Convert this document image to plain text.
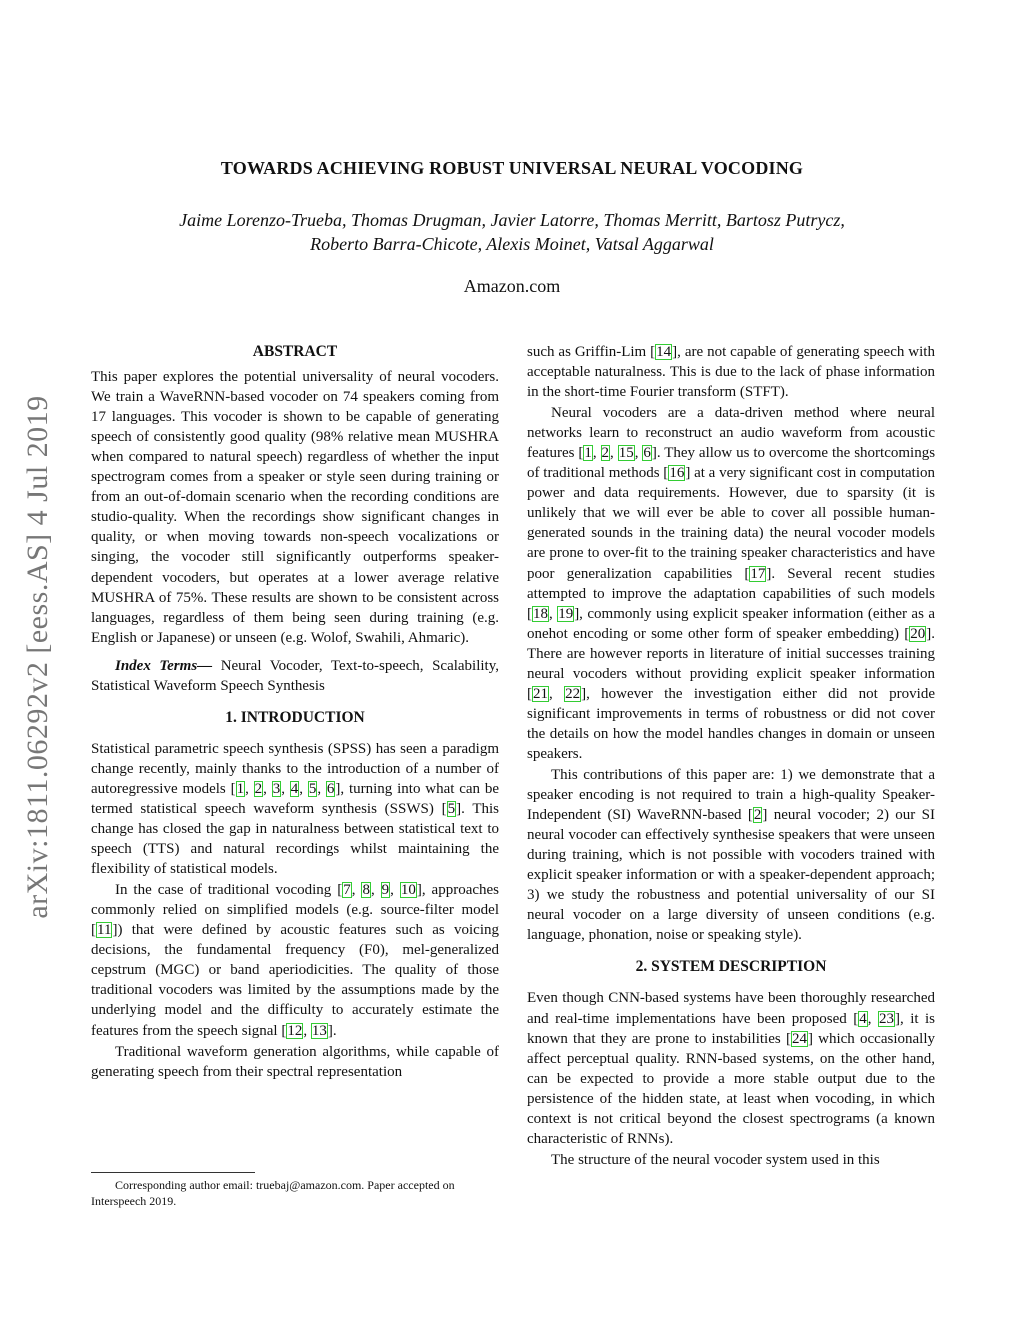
arXiv:1811.06292v2 [eess.AS] 4 Jul 2019
TOWARDS ACHIEVING ROBUST UNIVERSAL NEURAL VOCODING
Jaime Lorenzo-Trueba, Thomas Drugman, Javier Latorre, Thomas Merritt, Bartosz Putrycz,
Roberto Barra-Chicote, Alexis Moinet, Vatsal Aggarwal
Amazon.com

ABSTRACT

This paper explores the potential universality of neural vocoders. We train a WaveRNN-based vocoder on 74 speakers coming from 17 languages. This vocoder is shown to be capable of generating speech of consistently good quality (98% relative mean MUSHRA when compared to natural speech) regardless of whether the input spectrogram comes from a speaker or style seen during training or from an out-of-domain scenario when the recording conditions are studio-quality. When the recordings show significant changes in quality, or when moving towards non-speech vocalizations or singing, the vocoder still significantly outperforms speaker-dependent vocoders, but operates at a lower average relative MUSHRA of 75%. These results are shown to be consistent across languages, regardless of them being seen during training (e.g. English or Japanese) or unseen (e.g. Wolof, Swahili, Ahmaric).

Index Terms— Neural Vocoder, Text-to-speech, Scalability, Statistical Waveform Speech Synthesis

1. INTRODUCTION

Statistical parametric speech synthesis (SPSS) has seen a paradigm change recently, mainly thanks to the introduction of a number of autoregressive models [1, 2, 3, 4, 5, 6], turning into what can be termed statistical speech waveform synthesis (SSWS) [5]. This change has closed the gap in naturalness between statistical text to speech (TTS) and natural recordings whilst maintaining the flexibility of statistical models.

In the case of traditional vocoding [7, 8, 9, 10], approaches commonly relied on simplified models (e.g. source-filter model [11]) that were defined by acoustic features such as voicing decisions, the fundamental frequency (F0), mel-generalized cepstrum (MGC) or band aperiodicities. The quality of those traditional vocoders was limited by the assumptions made by the underlying model and the difficulty to accurately estimate the features from the speech signal [12, 13].

Traditional waveform generation algorithms, while capable of generating speech from their spectral representation

Corresponding author email: truebaj@amazon.com. Paper accepted on Interspeech 2019.

such as Griffin-Lim [14], are not capable of generating speech with acceptable naturalness. This is due to the lack of phase information in the short-time Fourier transform (STFT).

Neural vocoders are a data-driven method where neural networks learn to reconstruct an audio waveform from acoustic features [1, 2, 15, 6]. They allow us to overcome the shortcomings of traditional methods [16] at a very significant cost in computation power and data requirements. However, due to sparsity (it is unlikely that we will ever be able to cover all possible human-generated sounds in the training data) the neural vocoder models are prone to over-fit to the training speaker characteristics and have poor generalization capabilities [17]. Several recent studies attempted to improve the adaptation capabilities of such models [18, 19], commonly using explicit speaker information (either as a onehot encoding or some other form of speaker embedding) [20]. There are however reports in literature of initial successes training neural vocoders without providing explicit speaker information [21, 22], however the investigation either did not provide significant improvements in terms of robustness or did not cover the details on how the model handles changes in domain or unseen speakers.

This contributions of this paper are: 1) we demonstrate that a speaker encoding is not required to train a high-quality Speaker-Independent (SI) WaveRNN-based [2] neural vocoder; 2) our SI neural vocoder can effectively synthesise speakers that were unseen during training, which is not possible with vocoders trained with explicit speaker information or with a speaker-dependent approach; 3) we study the robustness and potential universality of our SI neural vocoder on a large diversity of unseen conditions (e.g. language, phonation, noise or speaking style).

2. SYSTEM DESCRIPTION

Even though CNN-based systems have been thoroughly researched and real-time implementations have been proposed [4, 23], it is known that they are prone to instabilities [24] which occasionally affect perceptual quality. RNN-based systems, on the other hand, can be expected to provide a more stable output due to the persistence of the hidden state, at least when vocoding, in which context is not critical beyond the closest spectrograms (a known characteristic of RNNs).

The structure of the neural vocoder system used in this
